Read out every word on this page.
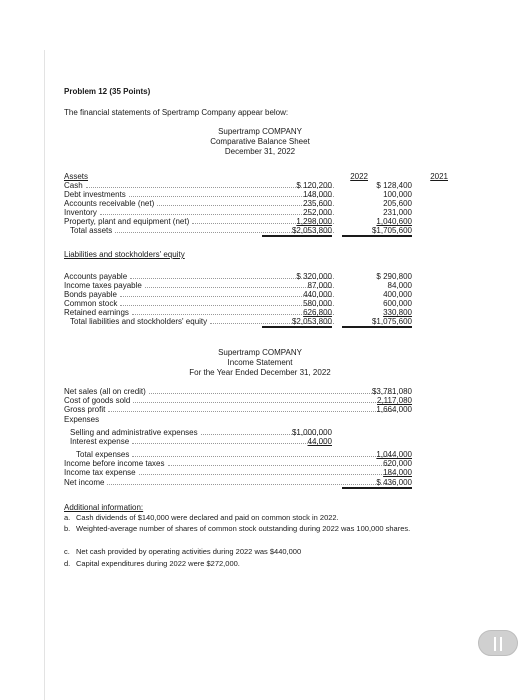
Problem 12 (35 Points)
The financial statements of Spertramp Company appear below:
Supertramp COMPANY
Comparative Balance Sheet
December 31, 2022
Assets	2022	2021
Cash	$ 120,200	$ 128,400
Debt investments	148,000	100,000
Accounts receivable (net)	235,600	205,600
Inventory	252,000	231,000
Property, plant and equipment (net)	1,298,000	1,040,600
Total assets	$2,053,800	$1,705,600
Liabilities and stockholders' equity
Accounts payable	$ 320,000	$ 290,800
Income taxes payable	87,000	84,000
Bonds payable	440,000	400,000
Common stock	580,000	600,000
Retained earnings	626,800	330,800
Total liabilities and stockholders' equity	$2,053,800	$1,075,600
Supertramp COMPANY
Income Statement
For the Year Ended December 31, 2022
Net sales (all on credit)	$3,781,080
Cost of goods sold	2,117,080
Gross profit	1,664,000
Expenses
Selling and administrative expenses	$1,000,000
Interest expense	44,000
Total expenses	1,044,000
Income before income taxes	620,000
Income tax expense	184,000
Net income	$ 436,000
Additional information:
a. Cash dividends of $140,000 were declared and paid on common stock in 2022.
b. Weighted-average number of shares of common stock outstanding during 2022 was 100,000 shares.
c. Net cash provided by operating activities during 2022 was $440,000
d. Capital expenditures during 2022 were $272,000.
